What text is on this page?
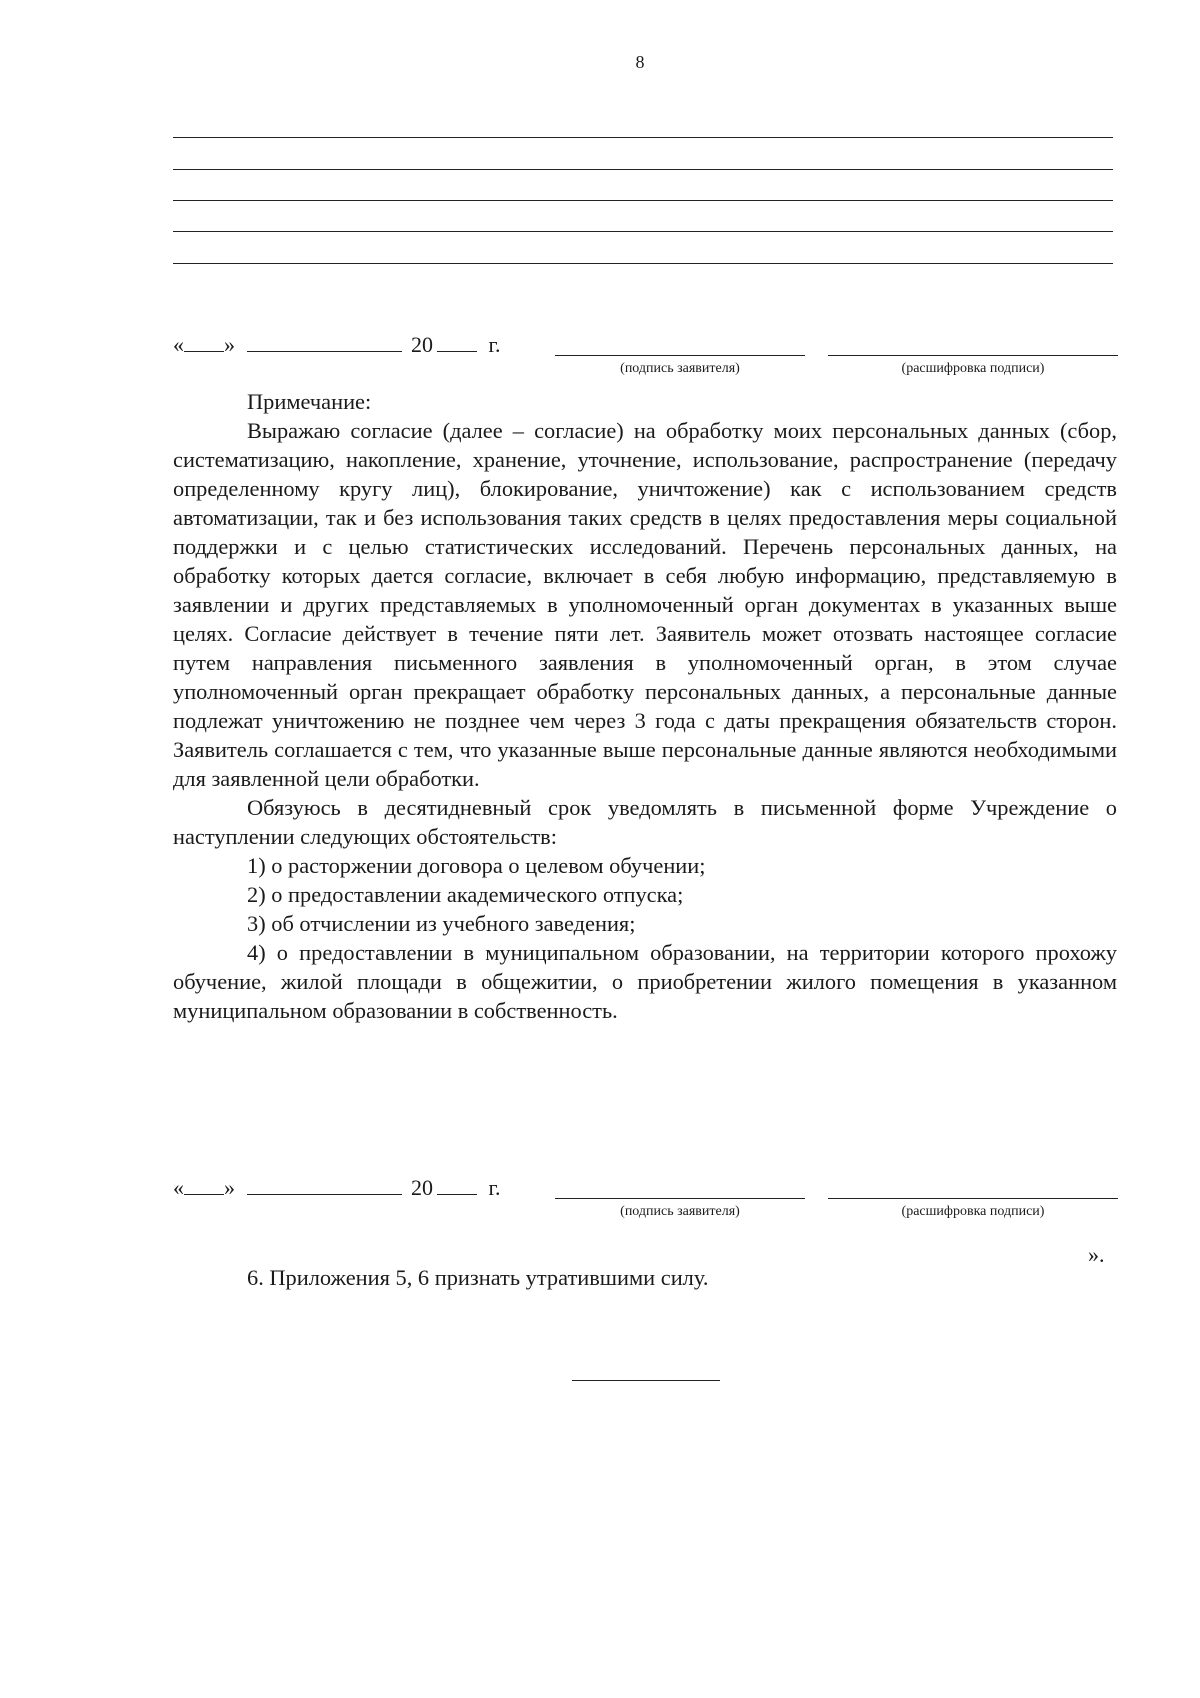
8
« »	20	г.
(подпись заявителя)	(расшифровка подписи)

Примечание:

Выражаю согласие (далее – согласие) на обработку моих персональных данных (сбор, систематизацию, накопление, хранение, уточнение, использование, распространение (передачу определенному кругу лиц), блокирование, уничтожение) как с использованием средств автоматизации, так и без использования таких средств в целях предоставления меры социальной поддержки и с целью статистических исследований. Перечень персональных данных, на обработку которых дается согласие, включает в себя любую информацию, представляемую в заявлении и других представляемых в уполномоченный орган документах в указанных выше целях. Согласие действует в течение пяти лет. Заявитель может отозвать настоящее согласие путем направления письменного заявления в уполномоченный орган, в этом случае уполномоченный орган прекращает обработку персональных данных, а персональные данные подлежат уничтожению не позднее чем через 3 года с даты прекращения обязательств сторон. Заявитель соглашается с тем, что указанные выше персональные данные являются необходимыми для заявленной цели обработки.

Обязуюсь в десятидневный срок уведомлять в письменной форме Учреждение о наступлении следующих обстоятельств:

1) о расторжении договора о целевом обучении;

2) о предоставлении академического отпуска;

3) об отчислении из учебного заведения;

4) о предоставлении в муниципальном образовании, на территории которого прохожу обучение, жилой площади в общежитии, о приобретении жилого помещения в указанном муниципальном образовании в собственность.

« »	20	г.
(подпись заявителя)	(расшифровка подписи)
».
6. Приложения 5, 6 признать утратившими силу.
